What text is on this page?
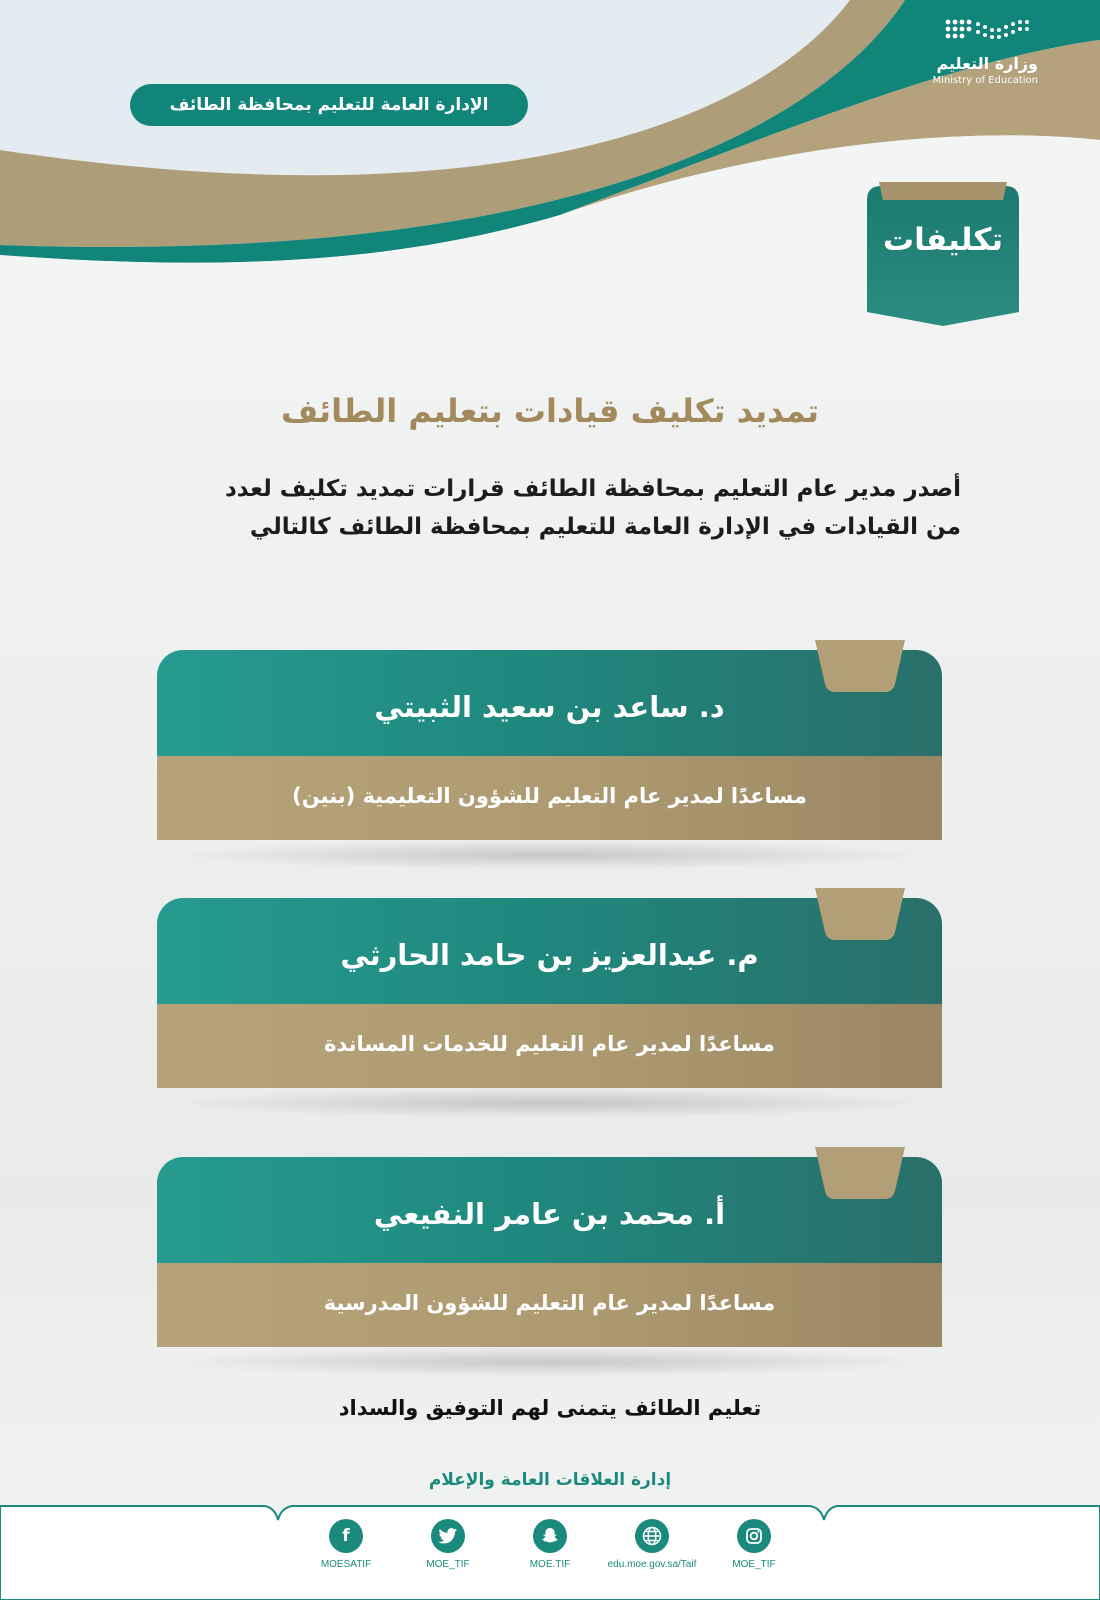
وزارة التعليم
Ministry of Education
الإدارة العامة للتعليم بمحافظة الطائف
تكليفات
تمديد تكليف قيادات بتعليم الطائف
أصدر مدير عام التعليم بمحافظة الطائف قرارات تمديد تكليف لعدد
من القيادات في الإدارة العامة للتعليم بمحافظة الطائف كالتالي
د. ساعد بن سعيد الثبيتي
مساعدًا لمدير عام التعليم للشؤون التعليمية (بنين)
م. عبدالعزيز بن حامد الحارثي
مساعدًا لمدير عام التعليم للخدمات المساندة
أ. محمد بن عامر النفيعي
مساعدًا لمدير عام التعليم للشؤون المدرسية
تعليم الطائف يتمنى لهم التوفيق والسداد
إدارة العلاقات العامة والإعلام
f
MOESATIF	MOE_TIF	MOE.TIF	edu.moe.gov.sa/Taif	MOE_TIF
